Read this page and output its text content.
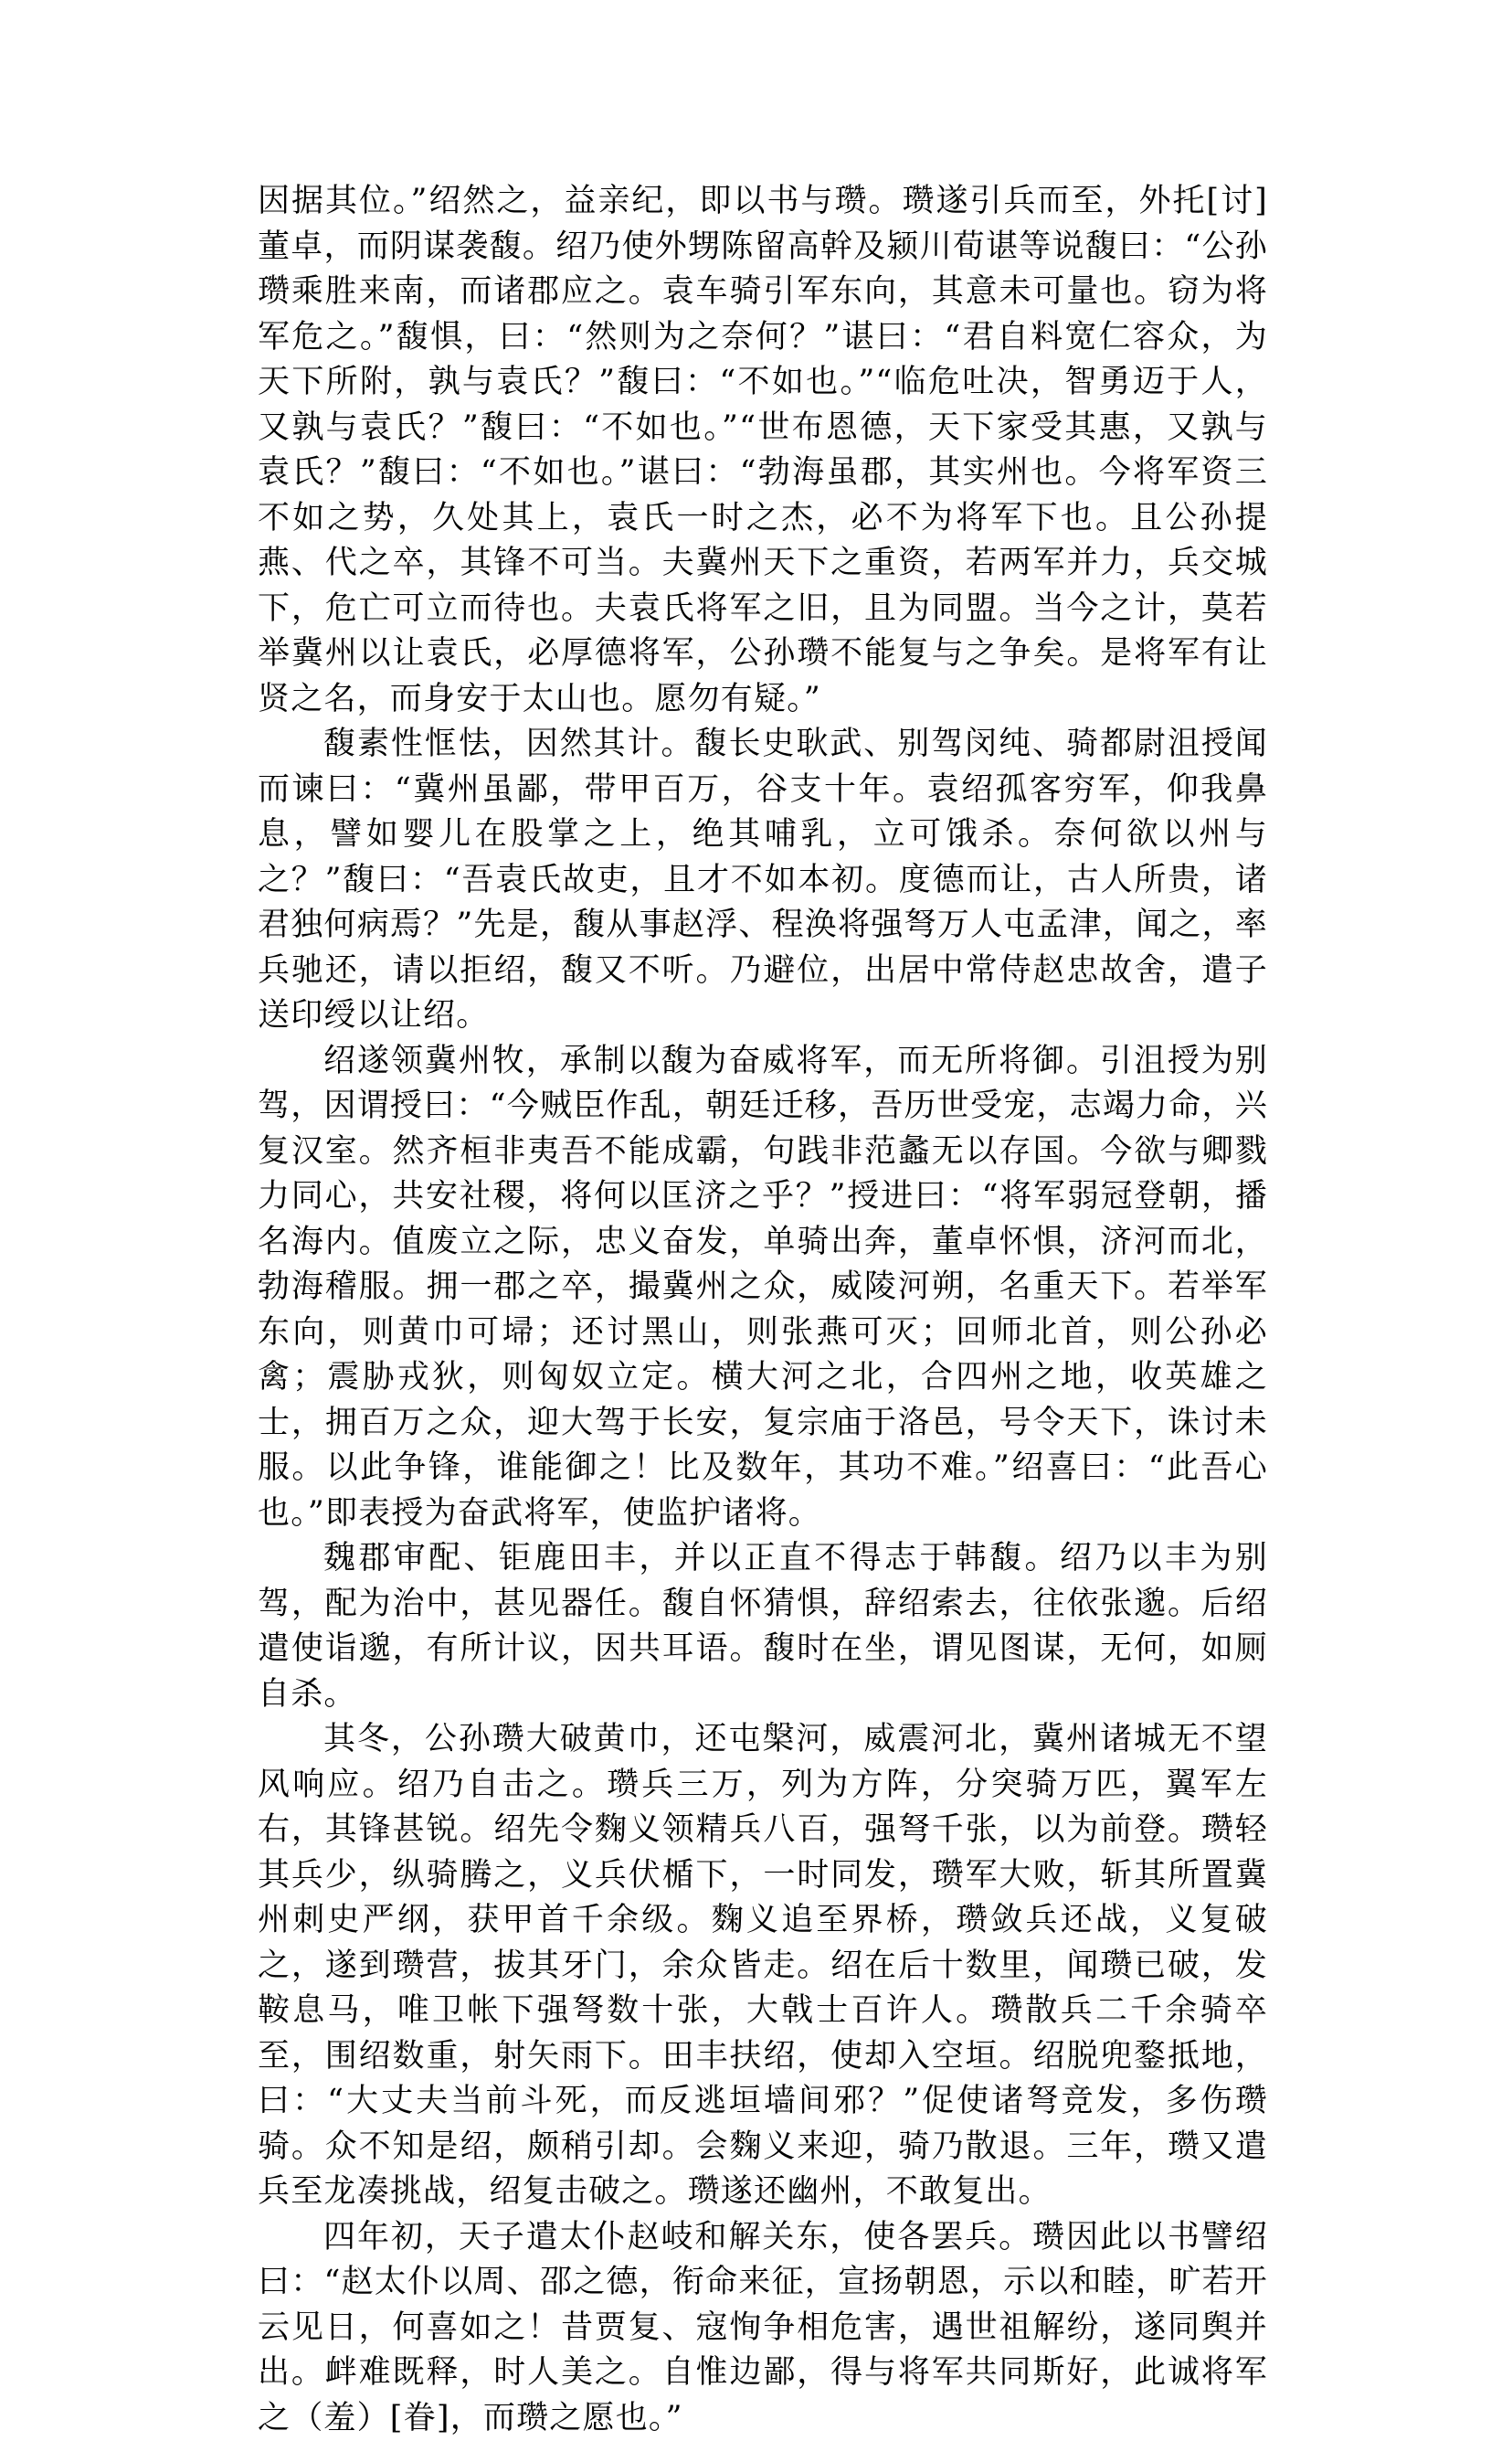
因据其位。”绍然之，益亲纪，即以书与瓒。瓒遂引兵而至，外托[讨]董卓，而阴谋袭馥。绍乃使外甥陈留高幹及颍川荀谌等说馥曰：“公孙瓒乘胜来南，而诸郡应之。袁车骑引军东向，其意未可量也。窃为将军危之。”馥惧，曰：“然则为之奈何？”谌曰：“君自料宽仁容众，为天下所附，孰与袁氏？”馥曰：“不如也。”“临危吐决，智勇迈于人，又孰与袁氏？”馥曰：“不如也。”“世布恩德，天下家受其惠，又孰与袁氏？”馥曰：“不如也。”谌曰：“勃海虽郡，其实州也。今将军资三不如之势，久处其上，袁氏一时之杰，必不为将军下也。且公孙提燕、代之卒，其锋不可当。夫冀州天下之重资，若两军并力，兵交城下，危亡可立而待也。夫袁氏将军之旧，且为同盟。当今之计，莫若举冀州以让袁氏，必厚德将军，公孙瓒不能复与之争矣。是将军有让贤之名，而身安于太山也。愿勿有疑。”

馥素性恇怯，因然其计。馥长史耿武、别驾闵纯、骑都尉沮授闻而谏曰：“冀州虽鄙，带甲百万，谷支十年。袁绍孤客穷军，仰我鼻息，譬如婴儿在股掌之上，绝其哺乳，立可饿杀。奈何欲以州与之？”馥曰：“吾袁氏故吏，且才不如本初。度德而让，古人所贵，诸君独何病焉？”先是，馥从事赵浮、程涣将强弩万人屯孟津，闻之，率兵驰还，请以拒绍，馥又不听。乃避位，出居中常侍赵忠故舍，遣子送印绶以让绍。

绍遂领冀州牧，承制以馥为奋威将军，而无所将御。引沮授为别驾，因谓授曰：“今贼臣作乱，朝廷迁移，吾历世受宠，志竭力命，兴复汉室。然齐桓非夷吾不能成霸，句践非范蠡无以存国。今欲与卿戮力同心，共安社稷，将何以匡济之乎？”授进曰：“将军弱冠登朝，播名海内。值废立之际，忠义奋发，单骑出奔，董卓怀惧，济河而北，勃海稽服。拥一郡之卒，撮冀州之众，威陵河朔，名重天下。若举军东向，则黄巾可埽；还讨黑山，则张燕可灭；回师北首，则公孙必禽；震胁戎狄，则匈奴立定。横大河之北，合四州之地，收英雄之士，拥百万之众，迎大驾于长安，复宗庙于洛邑，号令天下，诛讨未服。以此争锋，谁能御之！比及数年，其功不难。”绍喜曰：“此吾心也。”即表授为奋武将军，使监护诸将。

魏郡审配、钜鹿田丰，并以正直不得志于韩馥。绍乃以丰为别驾，配为治中，甚见器任。馥自怀猜惧，辞绍索去，往依张邈。后绍遣使诣邈，有所计议，因共耳语。馥时在坐，谓见图谋，无何，如厕自杀。

其冬，公孙瓒大破黄巾，还屯槃河，威震河北，冀州诸城无不望风响应。绍乃自击之。瓒兵三万，列为方阵，分突骑万匹，翼军左右，其锋甚锐。绍先令麴义领精兵八百，强弩千张，以为前登。瓒轻其兵少，纵骑腾之，义兵伏楯下，一时同发，瓒军大败，斩其所置冀州刺史严纲，获甲首千余级。麴义追至界桥，瓒敛兵还战，义复破之，遂到瓒营，拔其牙门，余众皆走。绍在后十数里，闻瓒已破，发鞍息马，唯卫帐下强弩数十张，大戟士百许人。瓒散兵二千余骑卒至，围绍数重，射矢雨下。田丰扶绍，使却入空垣。绍脱兜鍪抵地，曰：“大丈夫当前斗死，而反逃垣墙间邪？”促使诸弩竞发，多伤瓒骑。众不知是绍，颇稍引却。会麴义来迎，骑乃散退。三年，瓒又遣兵至龙凑挑战，绍复击破之。瓒遂还幽州，不敢复出。

四年初，天子遣太仆赵岐和解关东，使各罢兵。瓒因此以书譬绍曰：“赵太仆以周、邵之德，衔命来征，宣扬朝恩，示以和睦，旷若开云见日，何喜如之！昔贾复、寇恂争相危害，遇世祖解纷，遂同舆并出。衅难既释，时人美之。自惟边鄙，得与将军共同斯好，此诚将军之（羞）[眷]，而瓒之愿也。”
